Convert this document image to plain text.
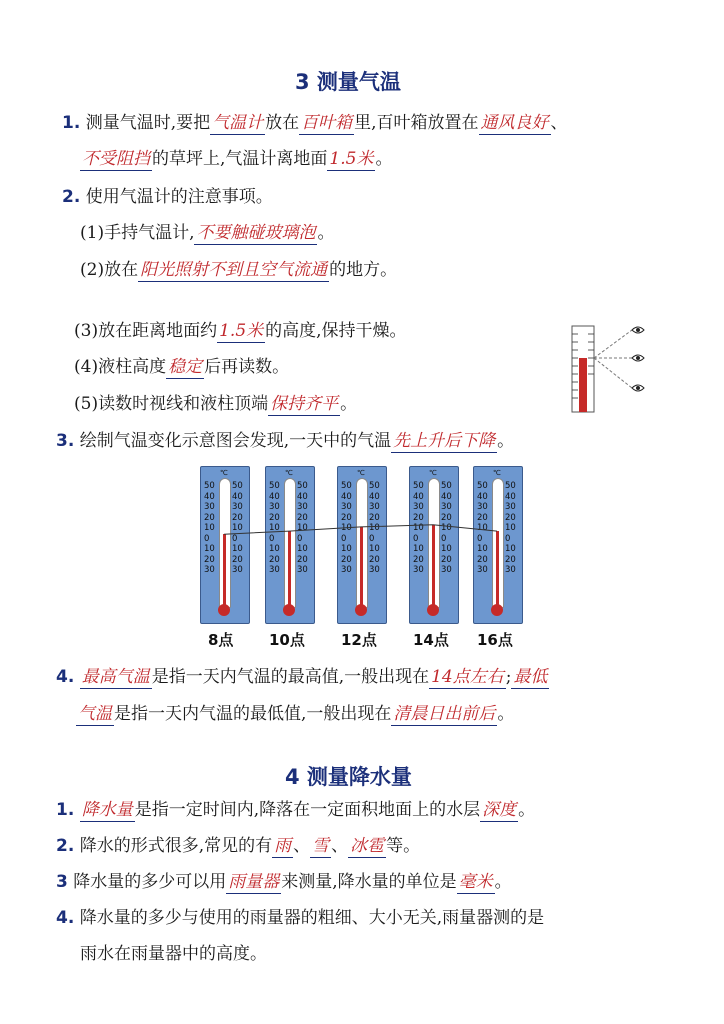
3 测量气温
1. 测量气温时,要把 气温计 放在 百叶箱 里,百叶箱放置在 通风良好 、
不受阻挡 的草坪上,气温计离地面 1.5米 。
2. 使用气温计的注意事项。
(1)手持气温计, 不要触碰玻璃泡 。
(2)放在 阳光照射不到且空气流通 的地方。
(3)放在距离地面约 1.5米 的高度,保持干燥。
(4)液柱高度 稳定 后再读数。
(5)读数时视线和液柱顶端 保持齐平 。
3. 绘制气温变化示意图会发现,一天中的气温 先上升后下降 。
℃
50 50
40 40
30 30
20 20
10 10
0	0
10 10
20 20
30 30
8点
℃
50 50
40 40
30 30
20 20
10 10
0	0
10 10
20 20
30 30
10点
℃
50 50
40 40
30 30
20 20
10 10
0	0
10 10
20 20
30 30
12点
℃
50 50
40 40
30 30
20 20
10 10
0	0
10 10
20 20
30 30
14点
℃
50 50
40 40
30 30
20 20
10 10
0	0
10 10
20 20
30 30
16点
4. 最高气温 是指一天内气温的最高值,一般出现在 14点左右 ; 最低
气温 是指一天内气温的最低值,一般出现在 清晨日出前后 。
4 测量降水量
1. 降水量 是指一定时间内,降落在一定面积地面上的水层 深度 。
2. 降水的形式很多,常见的有 雨 、 雪 、 冰雹 等。
3 降水量的多少可以用 雨量器 来测量,降水量的单位是 毫米 。
4. 降水量的多少与使用的雨量器的粗细、大小无关,雨量器测的是
雨水在雨量器中的高度。
